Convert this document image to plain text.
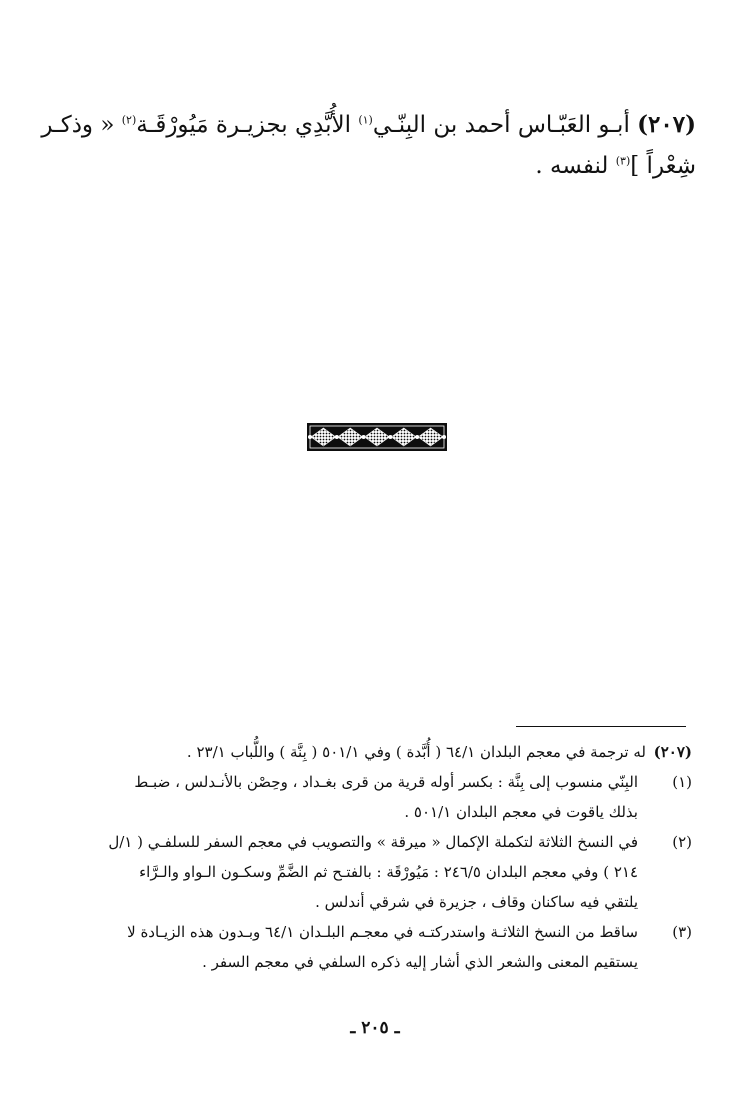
(٢٠٧) أبـو العَبّـاس أحمد بن البِنّـي$^{(١)}$ الأُبَّدِي بجزيـرة مَيُورْقَـة$^{(٢)}$ « وذكـر
شِعْراً ]$^{(٣)}$ لنفسه .
(٢٠٧)
له ترجمة في معجم البلدان ٦٤/١ ( أُبَّدة ) وفي ٥٠١/١ ( بِنَّة ) واللُّباب ٢٣/١ .
(١)
البِنّي منسوب إلى بِنَّة : بكسر أوله قرية من قرى بغـداد ، وحِصْن بالأنـدلس ، ضبـط
بذلك ياقوت في معجم البلدان ٥٠١/١ .
(٢)
في النسخ الثلاثة لتكملة الإكمال « ميرقة » والتصويب في معجم السفر للسلفـي ( ١/ل
٢١٤ ) وفي معجم البلدان ٢٤٦/٥ : مَيُورْقَة : بالفتـح ثم الضَّمِّ وسكـون الـواو والـرَّاء
يلتقي فيه ساكنان وقاف ، جزيرة في شرقي أندلس .
(٣)
ساقط من النسخ الثلاثـة واستدركتـه في معجـم البلـدان ٦٤/١ وبـدون هذه الزيـادة لا
يستقيم المعنى والشعر الذي أشار إليه ذكره السلفي في معجم السفر .
ـ ٢٠٥ ـ
